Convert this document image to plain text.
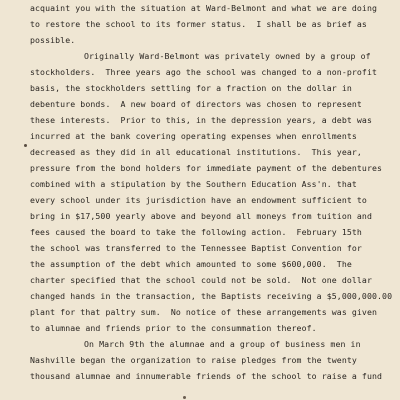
acquaint you with the situation at Ward-Belmont and what we are doing
to restore the school to its former status.  I shall be as brief as
possible.
Originally Ward-Belmont was privately owned by a group of
stockholders.  Three years ago the school was changed to a non-profit
basis, the stockholders settling for a fraction on the dollar in
debenture bonds.  A new board of directors was chosen to represent
these interests.  Prior to this, in the depression years, a debt was
incurred at the bank covering operating expenses when enrollments
decreased as they did in all educational institutions.  This year,
pressure from the bond holders for immediate payment of the debentures
combined with a stipulation by the Southern Education Ass'n. that
every school under its jurisdiction have an endowment sufficient to
bring in $17,500 yearly above and beyond all moneys from tuition and
fees caused the board to take the following action.  February 15th
the school was transferred to the Tennessee Baptist Convention for
the assumption of the debt which amounted to some $600,000.  The
charter specified that the school could not be sold.  Not one dollar
changed hands in the transaction, the Baptists receiving a $5,000,000.00
plant for that paltry sum.  No notice of these arrangements was given
to alumnae and friends prior to the consummation thereof.
On March 9th the alumnae and a group of business men in
Nashville began the organization to raise pledges from the twenty
thousand alumnae and innumerable friends of the school to raise a fund
